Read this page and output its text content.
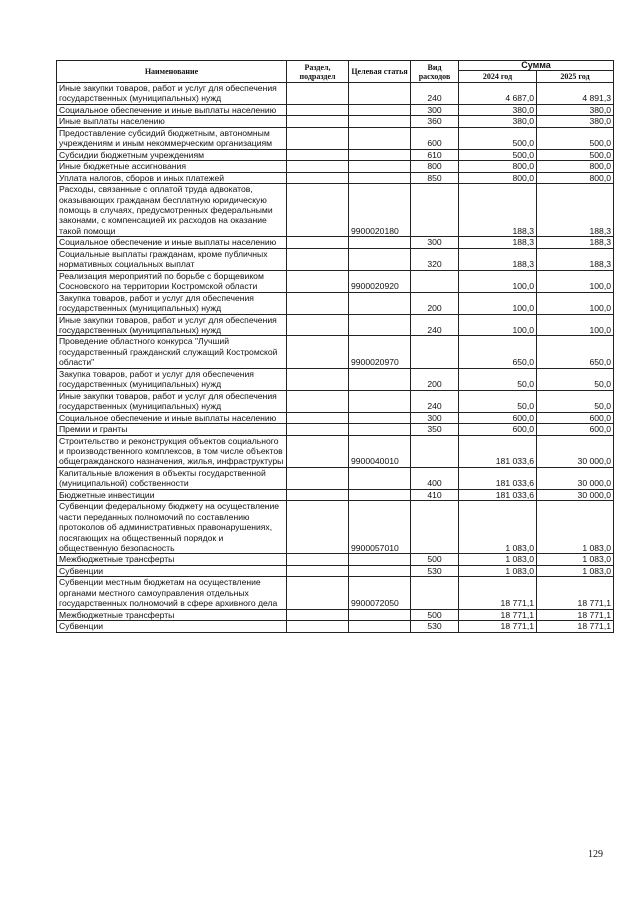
Наименование	Раздел, подраздел	Целевая статья	Вид расходов	Сумма	
				2024 год	2025 год
Иные закупки товаров, работ и услуг для обеспечения государственных (муниципальных) нужд			240	4 687,0	4 891,3
Социальное обеспечение и иные выплаты населению			300	380,0	380,0
Иные выплаты населению			360	380,0	380,0
Предоставление субсидий бюджетным, автономным учреждениям и иным некоммерческим организациям			600	500,0	500,0
Субсидии бюджетным учреждениям			610	500,0	500,0
Иные бюджетные ассигнования			800	800,0	800,0
Уплата налогов, сборов и иных платежей			850	800,0	800,0
Расходы, связанные с оплатой труда адвокатов, оказывающих гражданам бесплатную юридическую помощь в случаях, предусмотренных федеральными законами, с компенсацией их расходов на оказание такой помощи		9900020180		188,3	188,3
Социальное обеспечение и иные выплаты населению			300	188,3	188,3
Социальные выплаты гражданам, кроме публичных нормативных социальных выплат			320	188,3	188,3
Реализация мероприятий по борьбе с борщевиком Сосновского на территории Костромской области		9900020920		100,0	100,0
Закупка товаров, работ и услуг для обеспечения государственных (муниципальных) нужд			200	100,0	100,0
Иные закупки товаров, работ и услуг для обеспечения государственных (муниципальных) нужд			240	100,0	100,0
Проведение областного конкурса "Лучший государственный гражданский служащий Костромской области"		9900020970		650,0	650,0
Закупка товаров, работ и услуг для обеспечения государственных (муниципальных) нужд			200	50,0	50,0
Иные закупки товаров, работ и услуг для обеспечения государственных (муниципальных) нужд			240	50,0	50,0
Социальное обеспечение и иные выплаты населению			300	600,0	600,0
Премии и гранты			350	600,0	600,0
Строительство и реконструкция объектов социального и производственного комплексов, в том числе объектов общегражданского назначения, жилья, инфраструктуры		9900040010		181 033,6	30 000,0
Капитальные вложения в объекты государственной (муниципальной) собственности			400	181 033,6	30 000,0
Бюджетные инвестиции			410	181 033,6	30 000,0
Субвенции федеральному бюджету на осуществление части переданных полномочий по составлению протоколов об административных правонарушениях, посягающих на общественный порядок и общественную безопасность		9900057010		1 083,0	1 083,0
Межбюджетные трансферты			500	1 083,0	1 083,0
Субвенции			530	1 083,0	1 083,0
Субвенции местным бюджетам на осуществление органами местного самоуправления отдельных государственных полномочий в сфере архивного дела		9900072050		18 771,1	18 771,1
Межбюджетные трансферты			500	18 771,1	18 771,1
Субвенции			530	18 771,1	18 771,1
129
